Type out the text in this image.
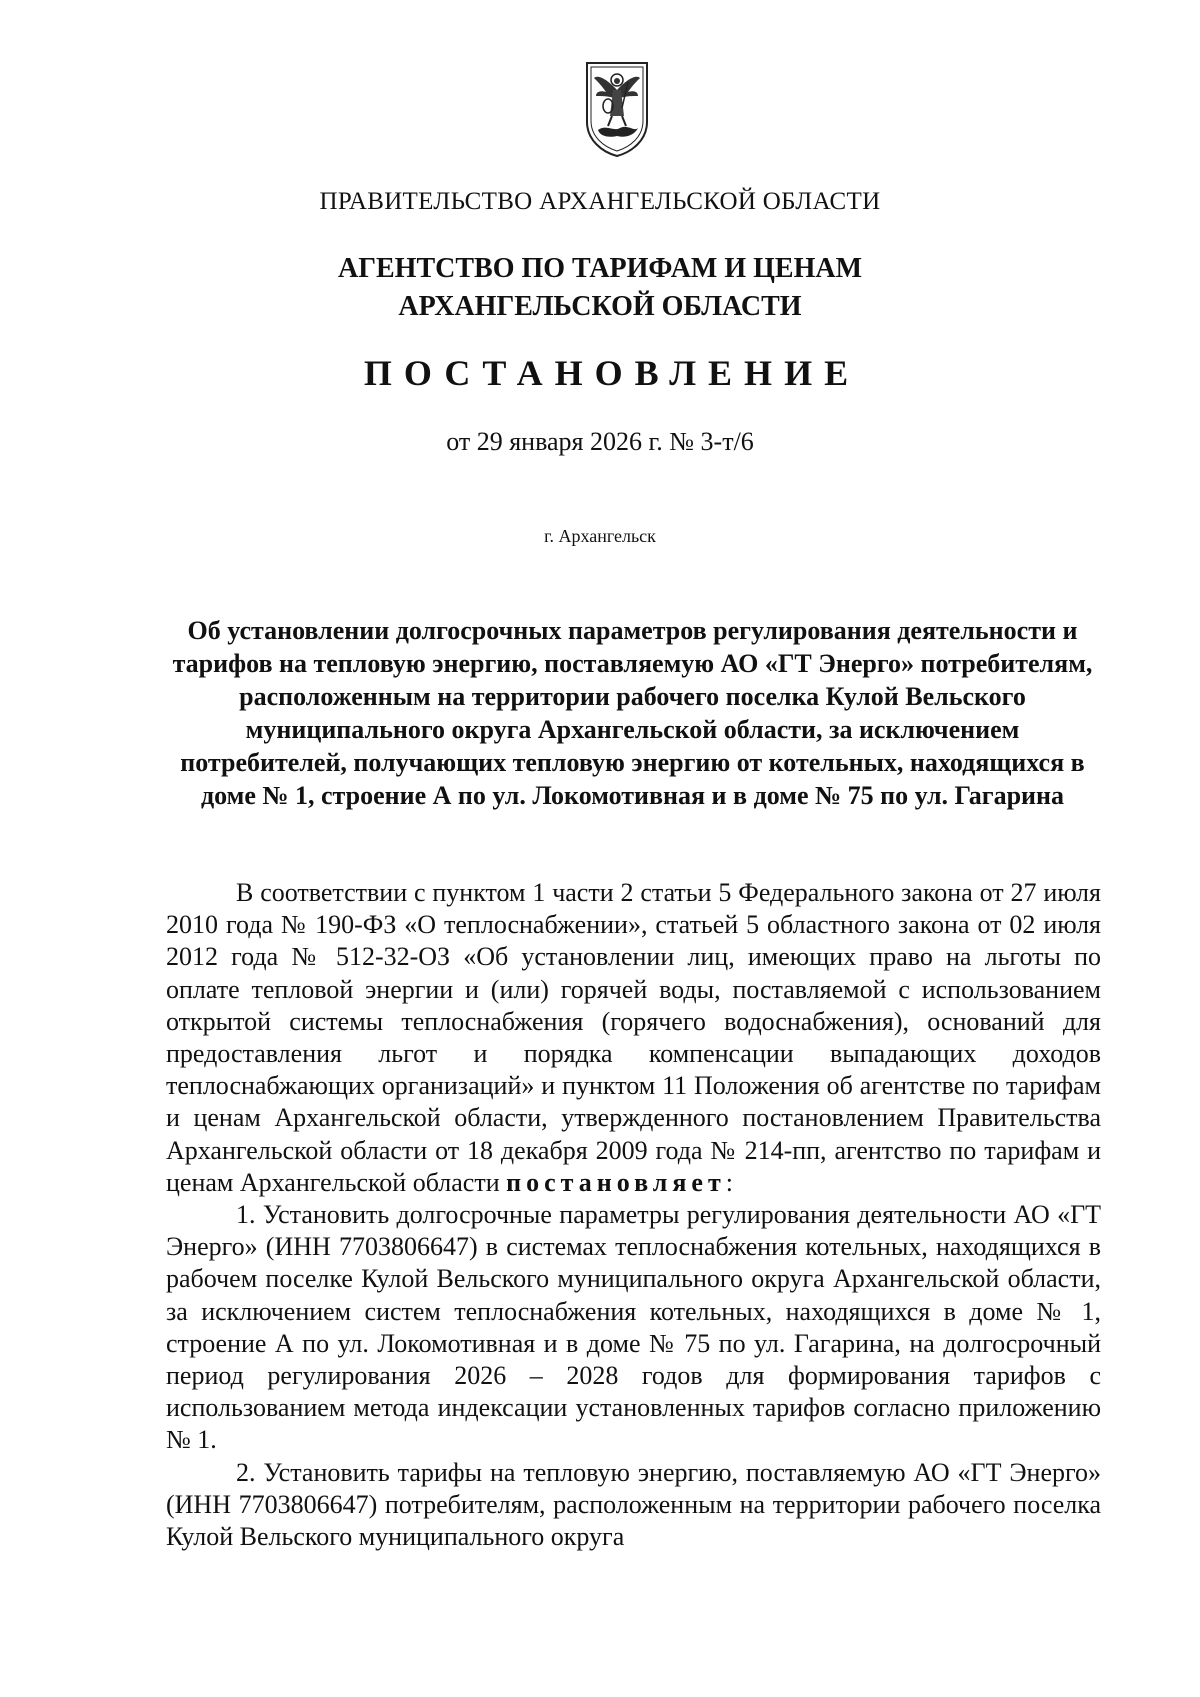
ПРАВИТЕЛЬСТВО АРХАНГЕЛЬСКОЙ ОБЛАСТИ
АГЕНТСТВО ПО ТАРИФАМ И ЦЕНАМ
АРХАНГЕЛЬСКОЙ ОБЛАСТИ
ПОСТАНОВЛЕНИЕ
от 29 января 2026 г. № 3-т/6
г. Архангельск
Об установлении долгосрочных параметров регулирования деятельности и тарифов на тепловую энергию, поставляемую АО «ГТ Энерго» потребителям, расположенным на территории рабочего поселка Кулой Вельского муниципального округа Архангельской области, за исключением потребителей, получающих тепловую энергию от котельных, находящихся в доме № 1, строение А по ул. Локомотивная и в доме № 75 по ул. Гагарина

В соответствии с пунктом 1 части 2 статьи 5 Федерального закона от 27 июля 2010 года № 190-ФЗ «О теплоснабжении», статьей 5 областного закона от 02 июля 2012 года № 512-32-ОЗ «Об установлении лиц, имеющих право на льготы по оплате тепловой энергии и (или) горячей воды, поставляемой с использованием открытой системы теплоснабжения (горячего водоснабжения), оснований для предоставления льгот и порядка компенсации выпадающих доходов теплоснабжающих организаций» и пунктом 11 Положения об агентстве по тарифам и ценам Архангельской области, утвержденного постановлением Правительства Архангельской области от 18 декабря 2009 года № 214-пп, агентство по тарифам и ценам Архангельской области постановляет:

1. Установить долгосрочные параметры регулирования деятельности АО «ГТ Энерго» (ИНН 7703806647) в системах теплоснабжения котельных, находящихся в рабочем поселке Кулой Вельского муниципального округа Архангельской области, за исключением систем теплоснабжения котельных, находящихся в доме № 1, строение А по ул. Локомотивная и в доме № 75 по ул. Гагарина, на долгосрочный период регулирования 2026 – 2028 годов для формирования тарифов с использованием метода индексации установленных тарифов согласно приложению № 1.

2. Установить тарифы на тепловую энергию, поставляемую АО «ГТ Энерго» (ИНН 7703806647) потребителям, расположенным на территории рабочего поселка Кулой Вельского муниципального округа
